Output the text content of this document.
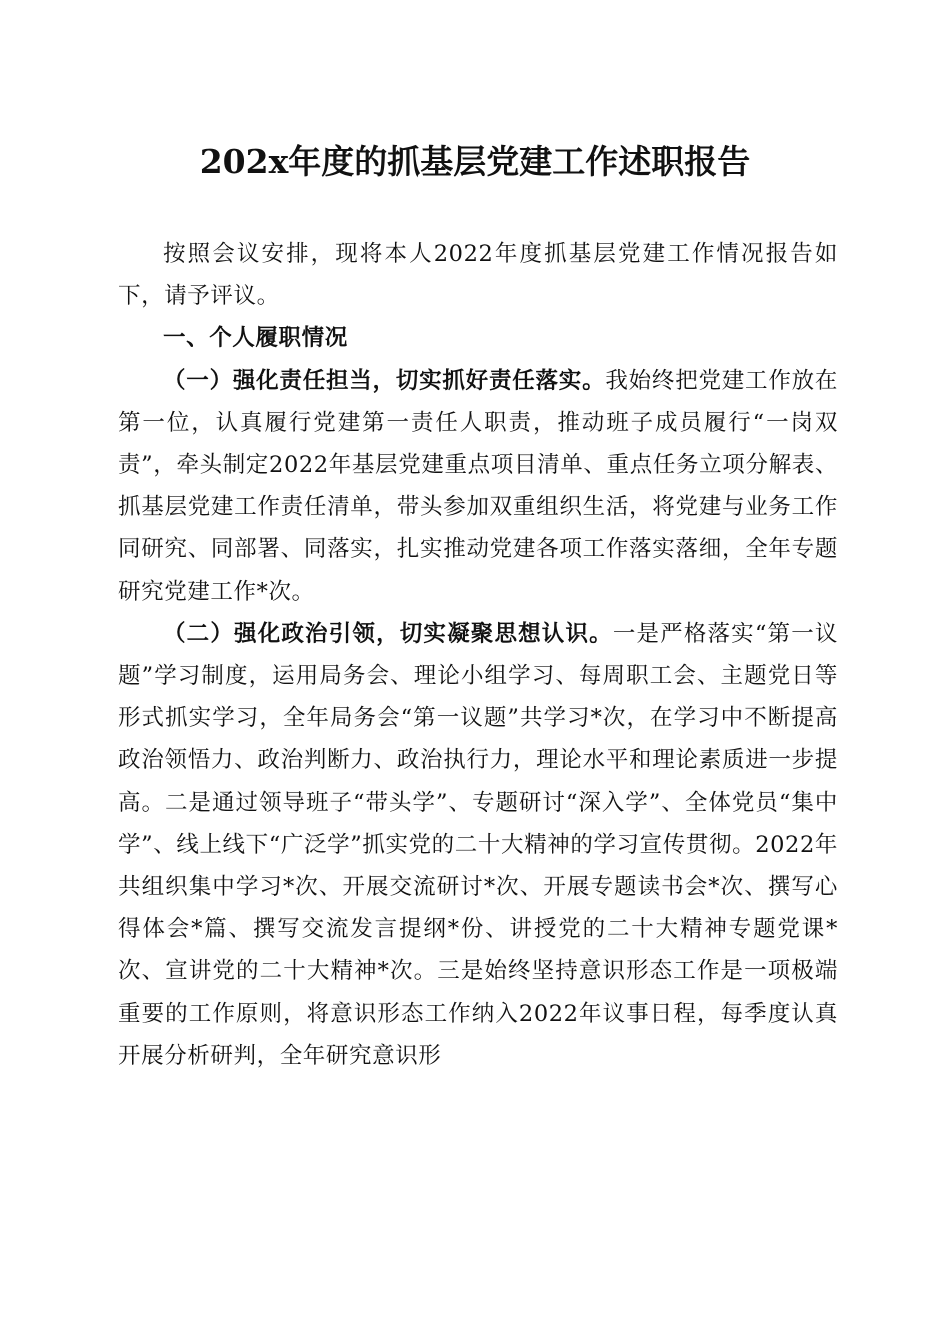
202x年度的抓基层党建工作述职报告

按照会议安排，现将本人2022年度抓基层党建工作情况报告如下，请予评议。

一、个人履职情况

（一）强化责任担当，切实抓好责任落实。我始终把党建工作放在第一位，认真履行党建第一责任人职责，推动班子成员履行“一岗双责”，牵头制定2022年基层党建重点项目清单、重点任务立项分解表、抓基层党建工作责任清单，带头参加双重组织生活，将党建与业务工作同研究、同部署、同落实，扎实推动党建各项工作落实落细，全年专题研究党建工作*次。

（二）强化政治引领，切实凝聚思想认识。一是严格落实“第一议题”学习制度，运用局务会、理论小组学习、每周职工会、主题党日等形式抓实学习，全年局务会“第一议题”共学习*次，在学习中不断提高政治领悟力、政治判断力、政治执行力，理论水平和理论素质进一步提高。二是通过领导班子“带头学”、专题研讨“深入学”、全体党员“集中学”、线上线下“广泛学”抓实党的二十大精神的学习宣传贯彻。2022年共组织集中学习*次、开展交流研讨*次、开展专题读书会*次、撰写心得体会*篇、撰写交流发言提纲*份、讲授党的二十大精神专题党课*次、宣讲党的二十大精神*次。三是始终坚持意识形态工作是一项极端重要的工作原则，将意识形态工作纳入2022年议事日程，每季度认真开展分析研判，全年研究意识形
